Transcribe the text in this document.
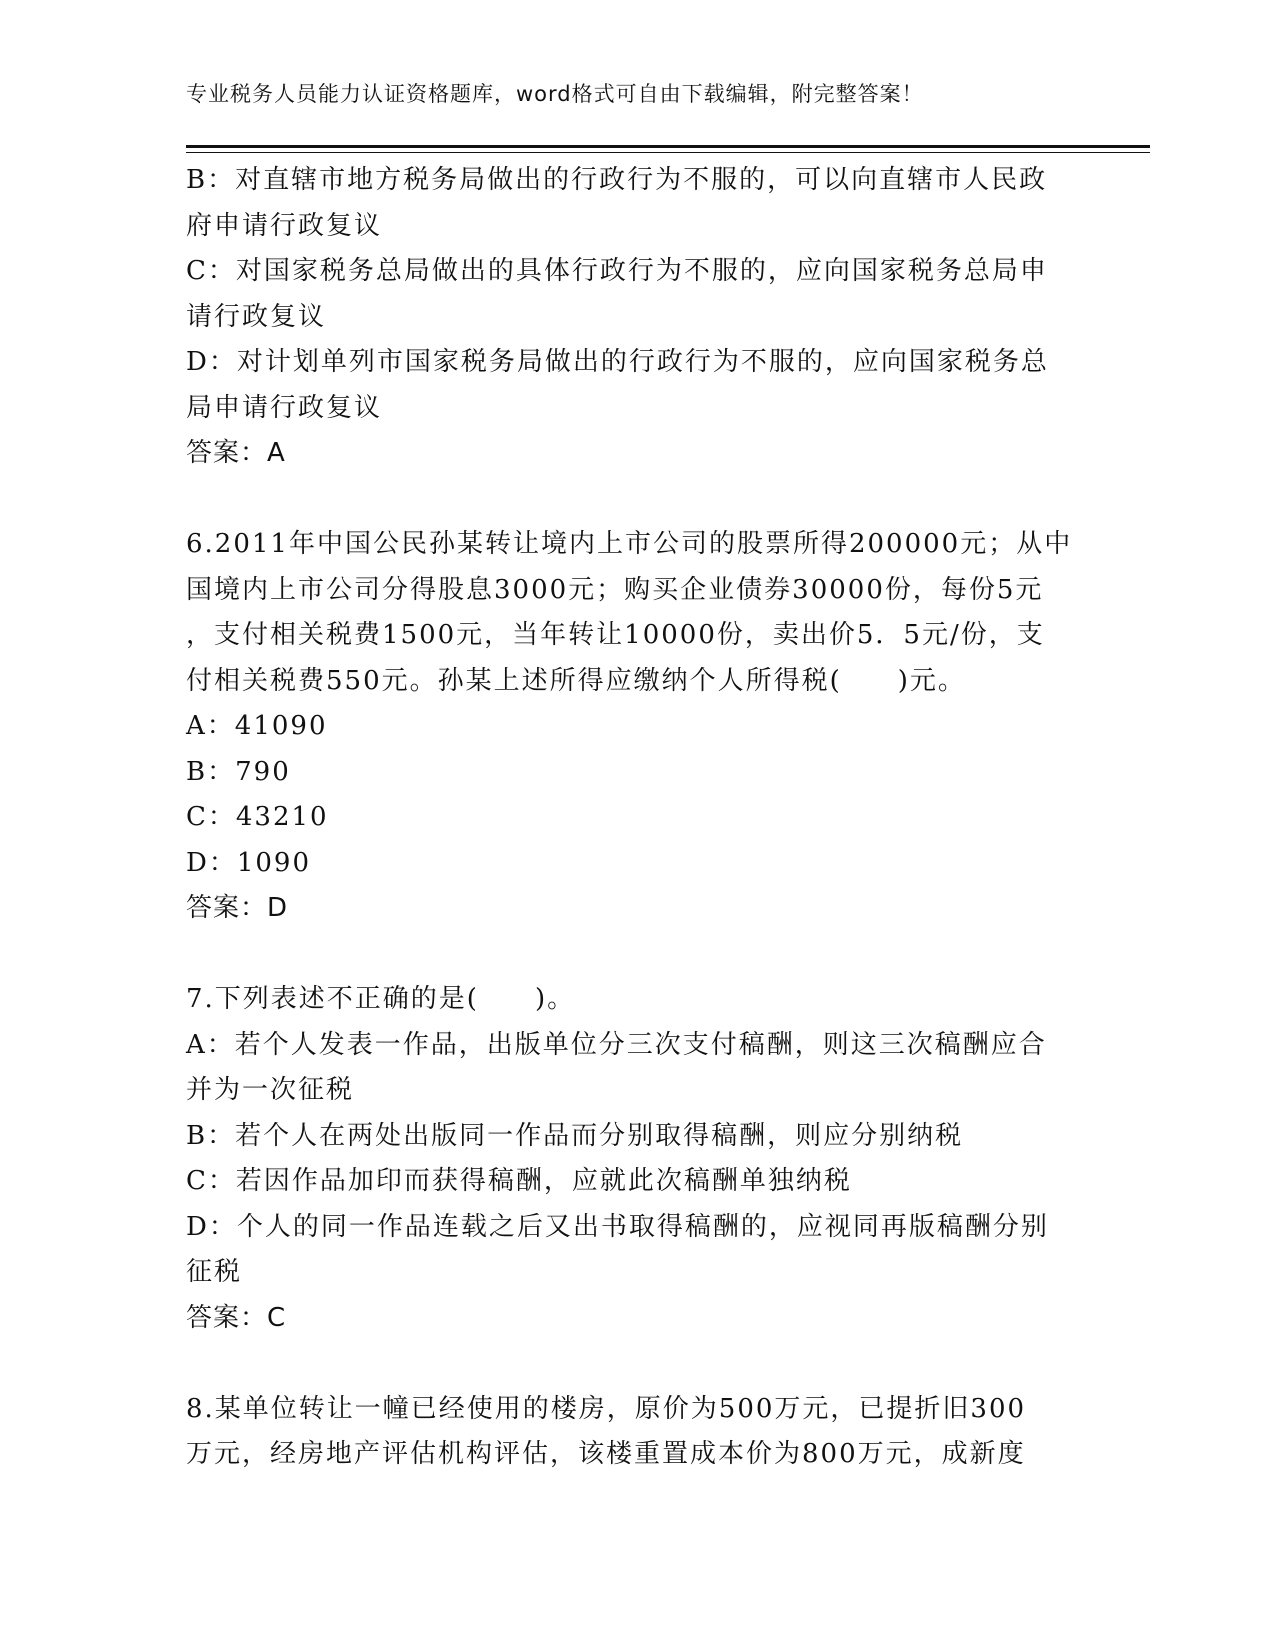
专业税务人员能力认证资格题库，word格式可自由下载编辑，附完整答案！
B：对直辖市地方税务局做出的行政行为不服的，可以向直辖市人民政
府申请行政复议
C：对国家税务总局做出的具体行政行为不服的，应向国家税务总局申
请行政复议
D：对计划单列市国家税务局做出的行政行为不服的，应向国家税务总
局申请行政复议
答案：A
6.2011年中国公民孙某转让境内上市公司的股票所得200000元；从中
国境内上市公司分得股息3000元；购买企业债券30000份，每份5元
，支付相关税费1500元，当年转让10000份，卖出价5．5元/份，支
付相关税费550元。孙某上述所得应缴纳个人所得税(　　)元。
A：41090
B：790
C：43210
D：1090
答案：D
7.下列表述不正确的是(　　)。
A：若个人发表一作品，出版单位分三次支付稿酬，则这三次稿酬应合
并为一次征税
B：若个人在两处出版同一作品而分别取得稿酬，则应分别纳税
C：若因作品加印而获得稿酬，应就此次稿酬单独纳税
D：个人的同一作品连载之后又出书取得稿酬的，应视同再版稿酬分别
征税
答案：C
8.某单位转让一幢已经使用的楼房，原价为500万元，已提折旧300
万元，经房地产评估机构评估，该楼重置成本价为800万元，成新度
